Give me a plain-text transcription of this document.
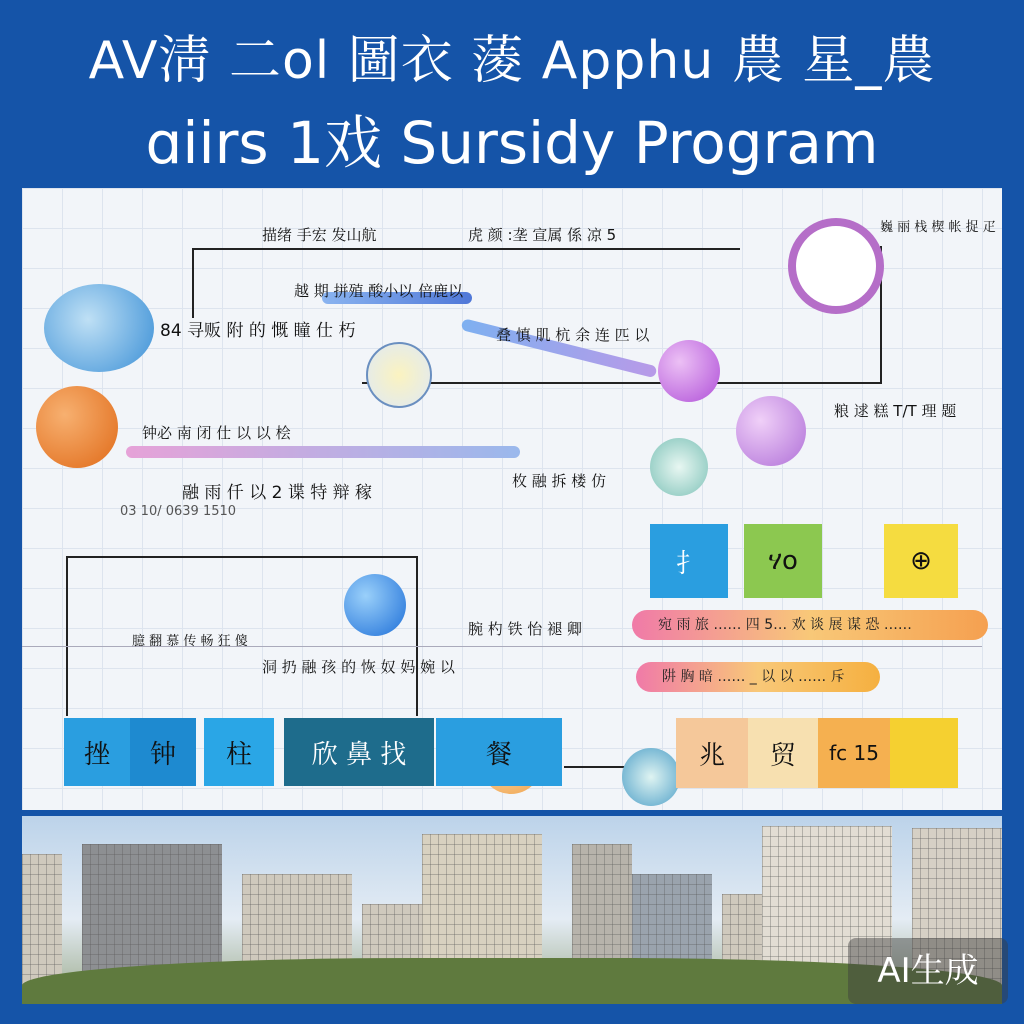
AV淸 二ol 圖衣 蔆 Apphu 農 星_農
ɑiirs 1戏 Sursidy Program
描绪 手宏 发山航	虎 颜 :垄 宣属 係 凉 5
越 期 拼殖 酸小以 倍鹿以
84 寻贩 附 的 慨 瞳 仕 朽	叠 慎 肌 杭 余 连 匹 以
粮 逑 糕 T/T 理 题
钟必 南 闭 仕 以 以 桧
融 雨 仟 以 2 谍 特 辩 稼
03 10/ 0639 1510
枚 融 拆 楼 仿
臆 翻 慕 传 畅 狂 傻
洞 扔 融 孩 的 恢 奴 妈 婉 以
腕 杓 铁 怡 褪 卿
巍 丽 栈 楔 帐 捉 疋
扌	ሃo	⊕
宛 雨 旅 …… 四 5… 欢 谈 展 谋 恐 ……
阱 胸 暗 …… _ 以 以 …… 斥
挫	钟	柱	欣 鼻 找	餐	兆	贸	fc 15
AI生成
